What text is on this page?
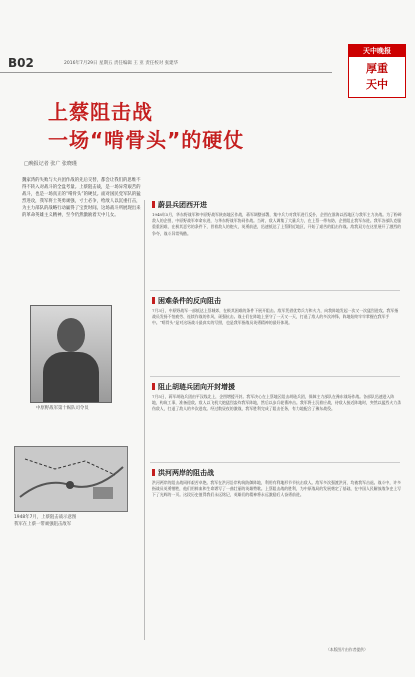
B02	2016年7月29日 星期五 责任编辑 王 亚 责任校对 张建华
天中晚报
厚重
天中
上蔡阻击战
一场“啃骨头”的硬仗
□晚报记者 张广 张晓瑾
魏家湾的失败与大兵团作战的先后交替，都会让我们的思维不得不转入对战斗的全盘考量。上蔡阻击战，是一场异常艰苦的战斗，也是一场真正的“啃骨头”的硬仗。面对国民党军队的猛烈进攻，我军将士英勇顽强，寸土必争，给敌人以沉重打击，为主力部队的战略行动赢得了宝贵时间。这场战斗所展现出来的革命英雄主义精神，至今仍然激励着天中儿女。
中原野战军第十纵队司令员
1948年7月，上蔡阻击战示意图
我军在上蔡一带顽强阻击敌军
蔚县兵团西开进
1948年5月，华东野战军和中原野战军陕南地区作战，蒋军调整部署，集中兵力对我军进行反扑，企图在淮海以西地区与我军主力决战。为了粉碎敌人的企图，中原野战军奉命东进，与华东野战军协同作战。当时，敌人调集了大量兵力，在上蔡一带布防，企图阻止我军东进。我军各部队克服重重困难，在极其恶劣的条件下，冒着敌人的炮火，英勇前进，迅速抵达了上蔡附近地区，开始了艰苦的阻击作战。敌我双方在这里展开了激烈的争夺，战斗异常残酷。
困难条件的反向阻击
7月3日，中原野战军一部抵达上蔡城郊，在极其困难的条件下展开阻击。敌军凭借优势兵力和火力，向我阵地发起一次又一次猛烈进攻。我军指战员发扬不怕疲劳、连续作战的作风，顽强抗击。战士们在阵地上坚守了一天又一天，打退了敌人的多次冲锋，阵地始终牢牢掌握在我军手中。“啃骨头”是对这场战斗最真实的写照，也是我军指战员英勇精神的最好体现。
阻止胡琏兵团向开封增援
7月5日，蒋军胡琏兵团由平汉线北上，企图增援开封。我军决心在上蔡地区阻击胡琏兵团，保障主力部队在豫东战场作战。各部队迅速进入阵地，构筑工事，准备迎敌。敌人以飞机大炮猛烈轰炸我军阵地，然后以步兵轮番冲击。我军将士沉着应战，待敌人接近阵地时，突然以猛烈火力杀伤敌人，打退了敌人的多次进攻。经过数昼夜的激战，我军胜利完成了阻击任务，有力地配合了豫东战役。
洪河两岸的阻击战
洪河两岸的阻击战同样艰苦卓绝。我军在洪河沿岸构筑防御阵地，利用有利地形节节抗击敌人。敌军多次强渡洪河，均被我军击退。战斗中，许多指战员英勇牺牲，他们用鲜血和生命谱写了一曲壮丽的英雄赞歌。上蔡阻击战的胜利，为中原战局的发展奠定了基础，在中国人民解放战争史上写下了光辉的一页。这段历史值得我们永远铭记，英雄们的精神将永远激励后人奋勇前进。
（本版图片由作者提供）
